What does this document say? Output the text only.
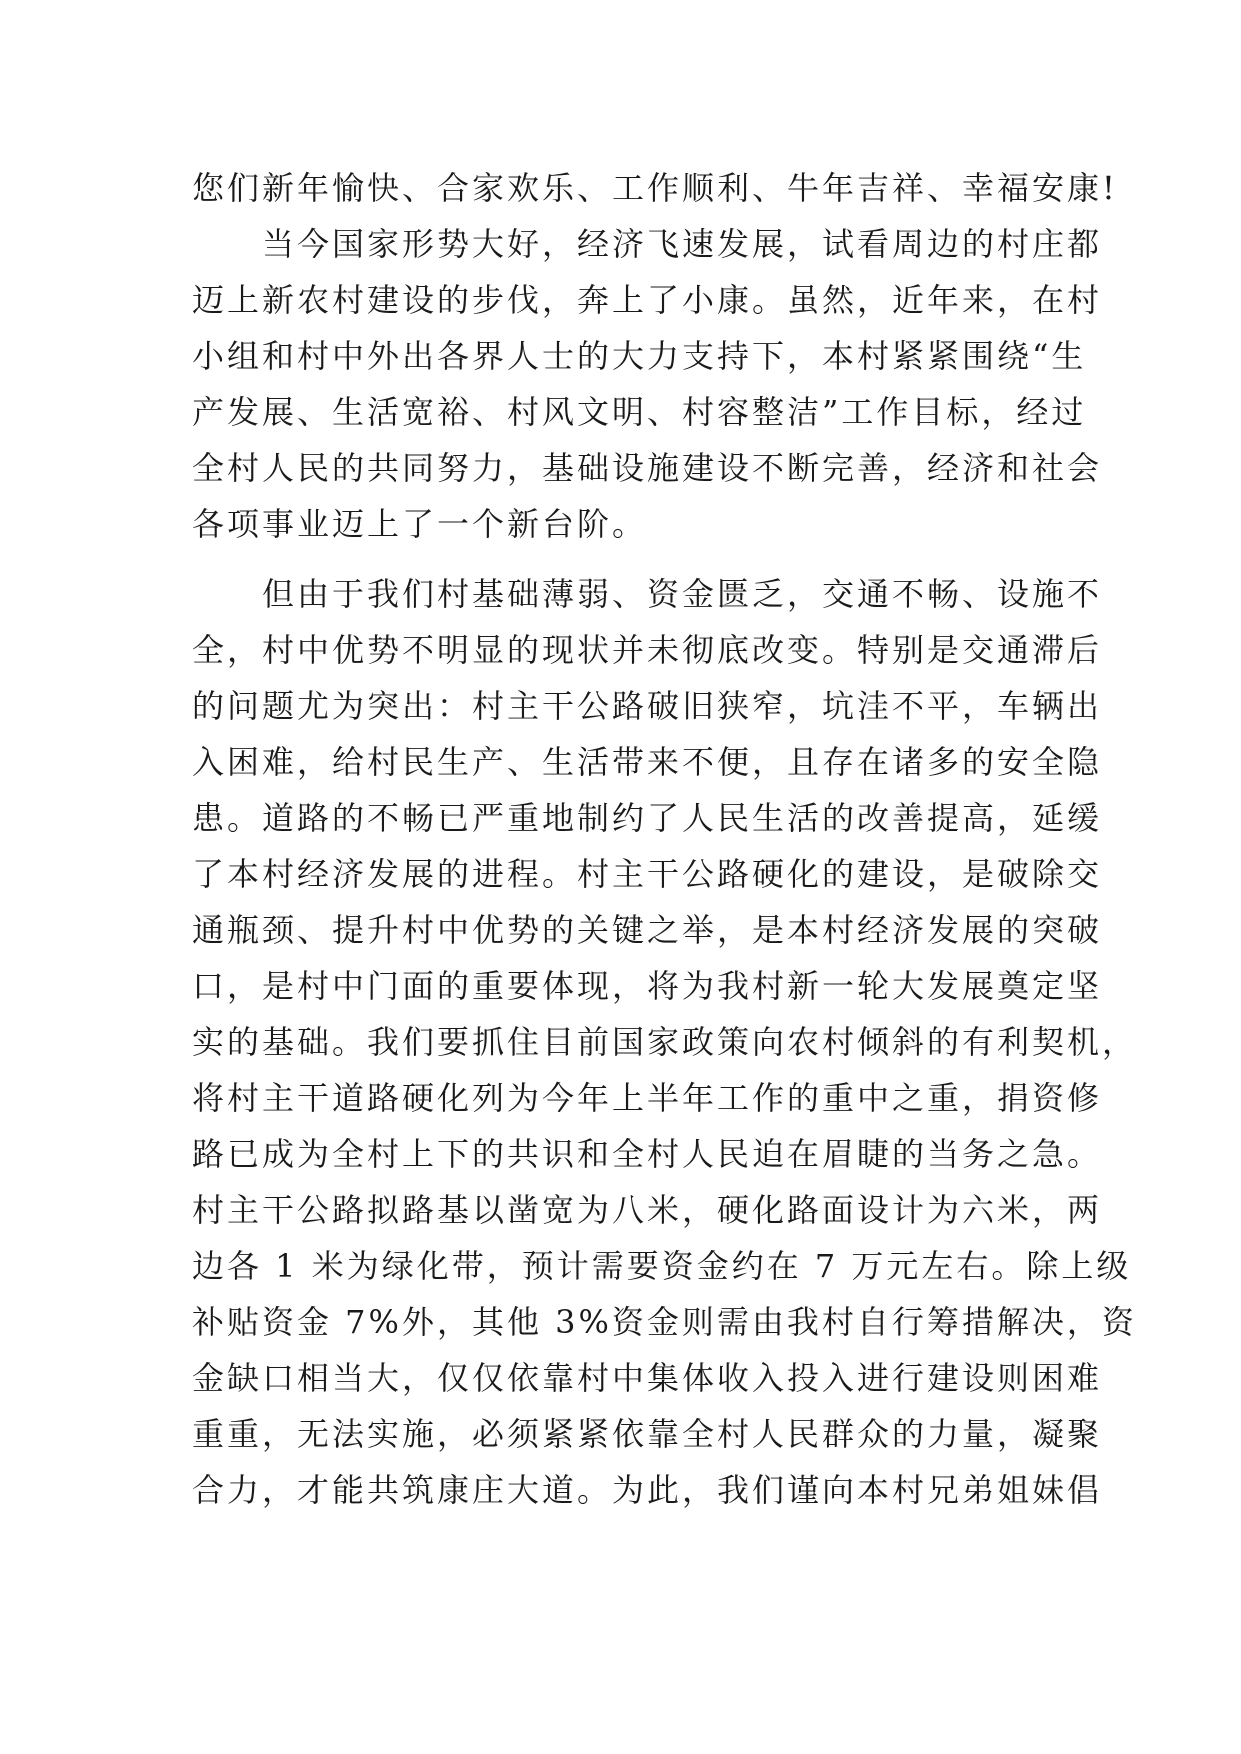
您们新年愉快、合家欢乐、工作顺利、牛年吉祥、幸福安康!
　　当今国家形势大好，经济飞速发展，试看周边的村庄都
迈上新农村建设的步伐，奔上了小康。虽然，近年来，在村
小组和村中外出各界人士的大力支持下，本村紧紧围绕“生
产发展、生活宽裕、村风文明、村容整洁”工作目标，经过
全村人民的共同努力，基础设施建设不断完善，经济和社会
各项事业迈上了一个新台阶。
　　但由于我们村基础薄弱、资金匮乏，交通不畅、设施不
全，村中优势不明显的现状并未彻底改变。特别是交通滞后
的问题尤为突出：村主干公路破旧狭窄，坑洼不平，车辆出
入困难，给村民生产、生活带来不便，且存在诸多的安全隐
患。道路的不畅已严重地制约了人民生活的改善提高，延缓
了本村经济发展的进程。村主干公路硬化的建设，是破除交
通瓶颈、提升村中优势的关键之举，是本村经济发展的突破
口，是村中门面的重要体现，将为我村新一轮大发展奠定坚
实的基础。我们要抓住目前国家政策向农村倾斜的有利契机，
将村主干道路硬化列为今年上半年工作的重中之重，捐资修
路已成为全村上下的共识和全村人民迫在眉睫的当务之急。
村主干公路拟路基以凿宽为八米，硬化路面设计为六米，两
边各 1 米为绿化带，预计需要资金约在 7 万元左右。除上级
补贴资金 7%外，其他 3%资金则需由我村自行筹措解决，资
金缺口相当大，仅仅依靠村中集体收入投入进行建设则困难
重重，无法实施，必须紧紧依靠全村人民群众的力量，凝聚
合力，才能共筑康庄大道。为此，我们谨向本村兄弟姐妹倡
